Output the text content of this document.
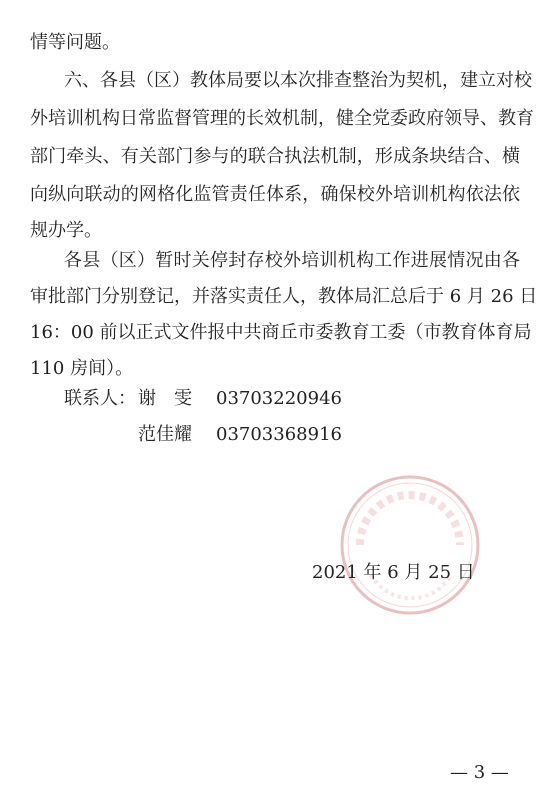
情等问题。
六、各县（区）教体局要以本次排查整治为契机，建立对校
外培训机构日常监督管理的长效机制，健全党委政府领导、教育
部门牵头、有关部门参与的联合执法机制，形成条块结合、横
向纵向联动的网格化监管责任体系，确保校外培训机构依法依
规办学。
各县（区）暂时关停封存校外培训机构工作进展情况由各
审批部门分别登记，并落实责任人，教体局汇总后于 6 月 26 日
16：00 前以正式文件报中共商丘市委教育工委（市教育体育局
110 房间）。
联系人： 谢　雯 03703220946
范佳耀 03703368916
2021 年 6 月 25 日
— 3 —
